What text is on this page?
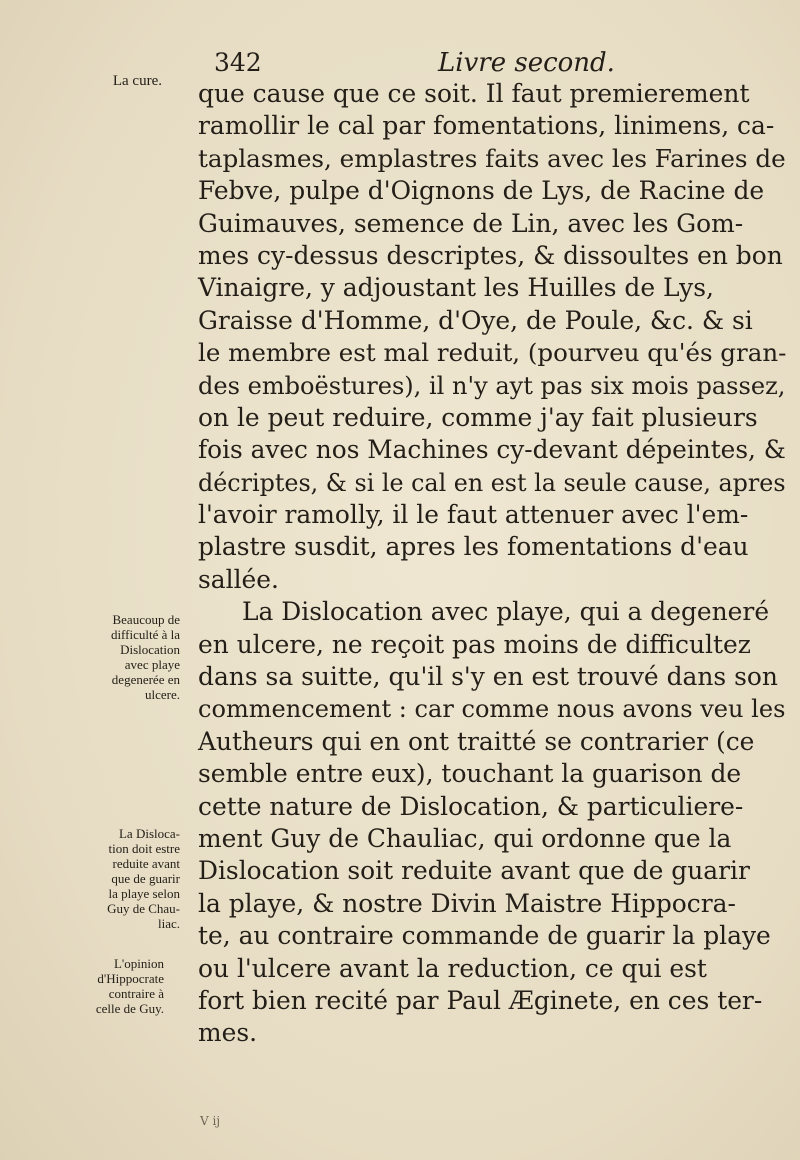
342	Livre second.
La cure.
Beaucoup de
difficulté à la
Dislocation
avec playe
degenerée en
ulcere.
La Disloca-
tion doit estre
reduite avant
que de guarir
la playe selon
Guy de Chau-
liac.
L'opinion
d'Hippocrate
contraire à
celle de Guy.
que cause que ce soit. Il faut premierement
ramollir le cal par fomentations, linimens, ca-
taplasmes, emplastres faits avec les Farines de
Febve, pulpe d'Oignons de Lys, de Racine de
Guimauves, semence de Lin, avec les Gom-
mes cy-dessus descriptes, & dissoultes en bon
Vinaigre, y adjoustant les Huilles de Lys,
Graisse d'Homme, d'Oye, de Poule, &c. & si
le membre est mal reduit, (pourveu qu'és gran-
des emboëstures), il n'y ayt pas six mois passez,
on le peut reduire, comme j'ay fait plusieurs
fois avec nos Machines cy-devant dépeintes, &
décriptes, & si le cal en est la seule cause, apres
l'avoir ramolly, il le faut attenuer avec l'em-
plastre susdit, apres les fomentations d'eau
sallée.
La Dislocation avec playe, qui a degeneré
en ulcere, ne reçoit pas moins de difficultez
dans sa suitte, qu'il s'y en est trouvé dans son
commencement : car comme nous avons veu les
Autheurs qui en ont traitté se contrarier (ce
semble entre eux), touchant la guarison de
cette nature de Dislocation, & particuliere-
ment Guy de Chauliac, qui ordonne que la
Dislocation soit reduite avant que de guarir
la playe, & nostre Divin Maistre Hippocra-
te, au contraire commande de guarir la playe
ou l'ulcere avant la reduction, ce qui est
fort bien recité par Paul Æginete, en ces ter-
mes.
V ij
